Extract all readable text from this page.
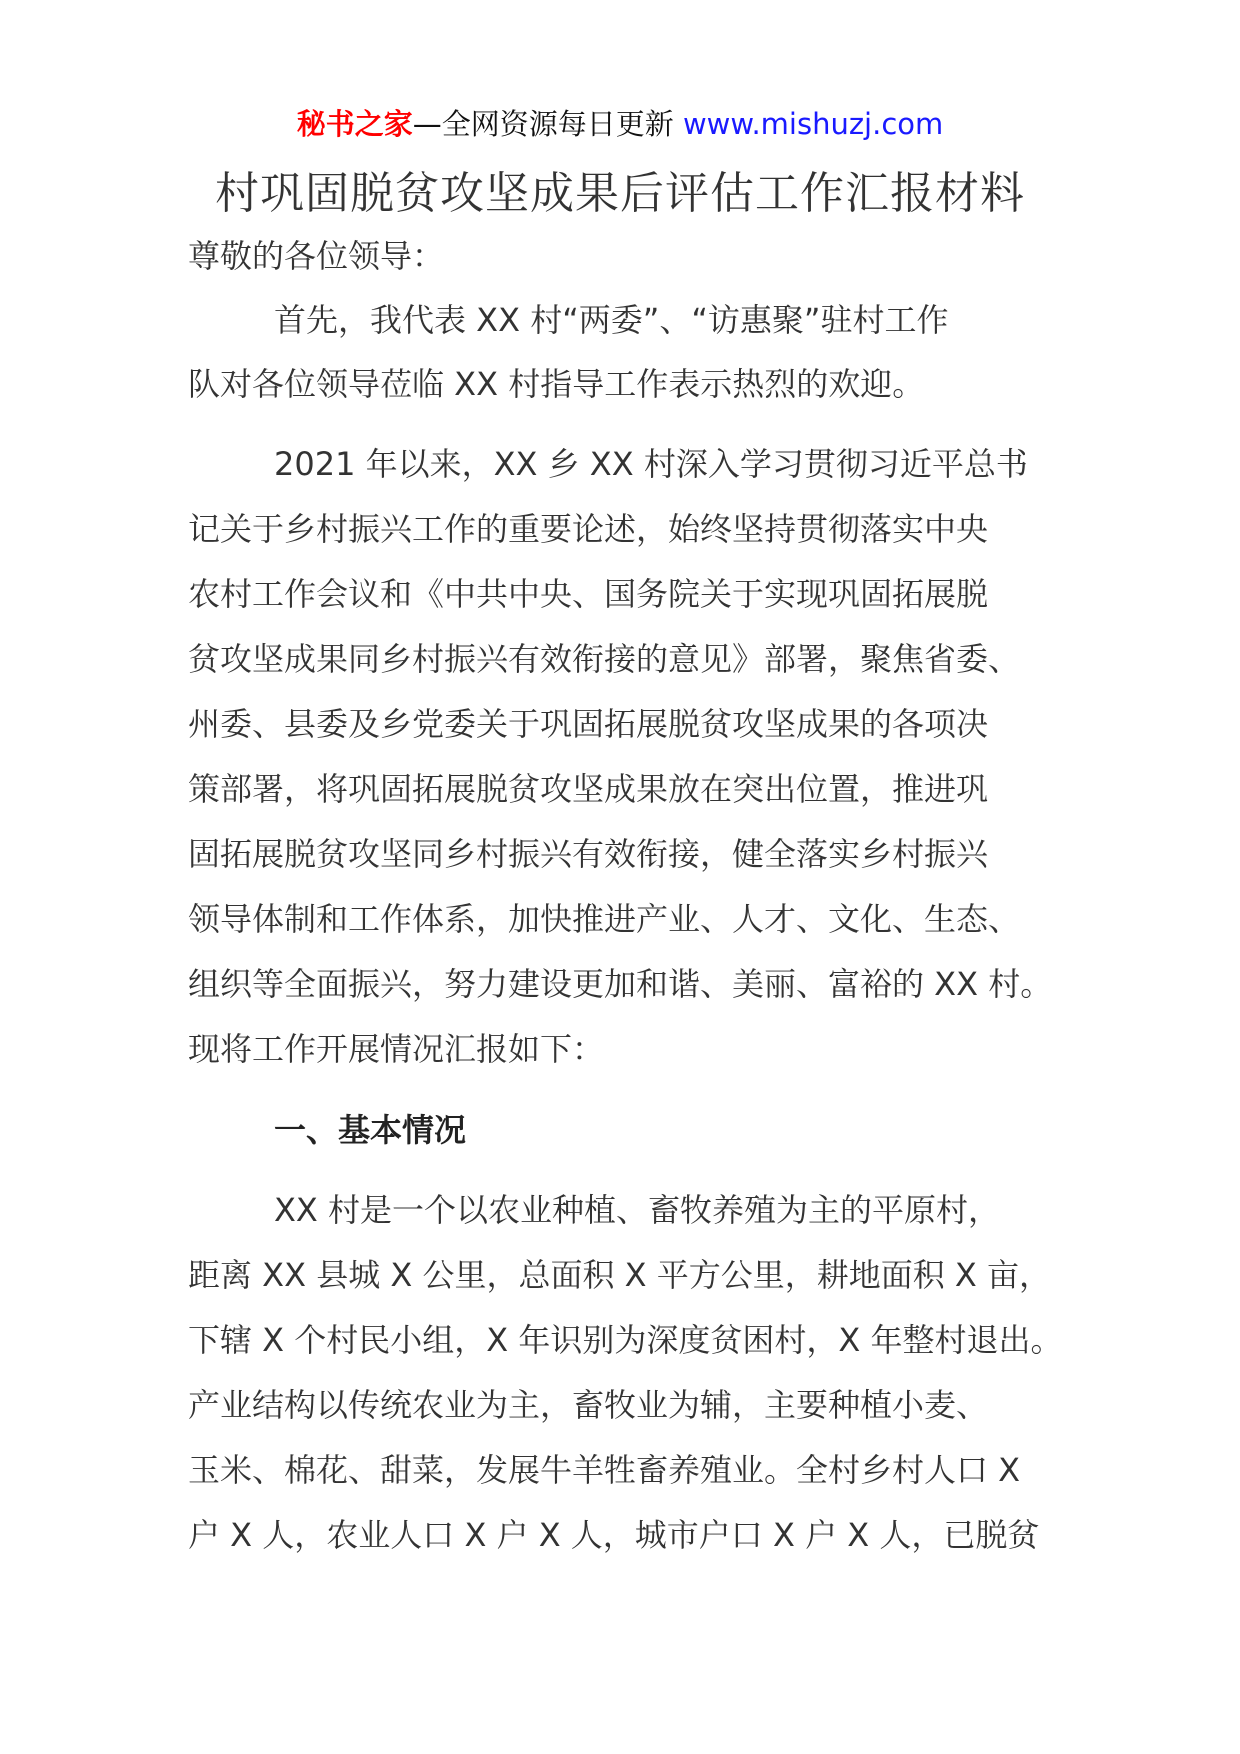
秘书之家—全网资源每日更新 www.mishuzj.com
村巩固脱贫攻坚成果后评估工作汇报材料
尊敬的各位领导：
首先，我代表 XX 村“两委”、“访惠聚”驻村工作
队对各位领导莅临 XX 村指导工作表示热烈的欢迎。
2021 年以来，XX 乡 XX 村深入学习贯彻习近平总书
记关于乡村振兴工作的重要论述，始终坚持贯彻落实中央
农村工作会议和《中共中央、国务院关于实现巩固拓展脱
贫攻坚成果同乡村振兴有效衔接的意见》部署，聚焦省委、
州委、县委及乡党委关于巩固拓展脱贫攻坚成果的各项决
策部署，将巩固拓展脱贫攻坚成果放在突出位置，推进巩
固拓展脱贫攻坚同乡村振兴有效衔接，健全落实乡村振兴
领导体制和工作体系，加快推进产业、人才、文化、生态、
组织等全面振兴，努力建设更加和谐、美丽、富裕的 XX 村。
现将工作开展情况汇报如下：
一、基本情况
XX 村是一个以农业种植、畜牧养殖为主的平原村，
距离 XX 县城 X 公里，总面积 X 平方公里，耕地面积 X 亩，
下辖 X 个村民小组，X 年识别为深度贫困村，X 年整村退出。
产业结构以传统农业为主，畜牧业为辅，主要种植小麦、
玉米、棉花、甜菜，发展牛羊牲畜养殖业。全村乡村人口 X
户 X 人，农业人口 X 户 X 人，城市户口 X 户 X 人，已脱贫
